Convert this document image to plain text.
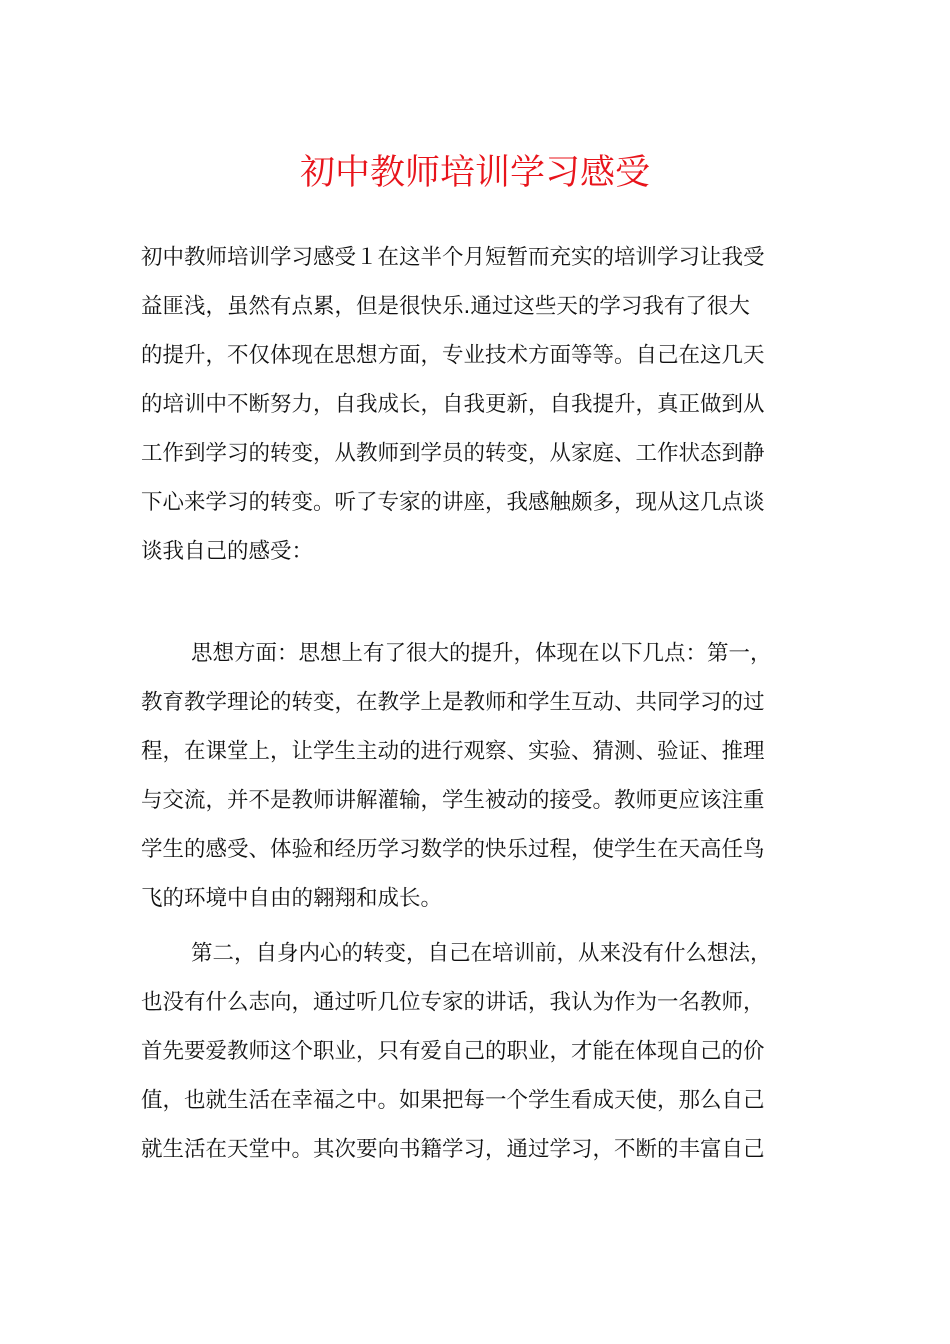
初中教师培训学习感受

初中教师培训学习感受１在这半个月短暂而充实的培训学习让我受

益匪浅，虽然有点累，但是很快乐.通过这些天的学习我有了很大

的提升，不仅体现在思想方面，专业技术方面等等。自己在这几天

的培训中不断努力，自我成长，自我更新，自我提升，真正做到从

工作到学习的转变，从教师到学员的转变，从家庭、工作状态到静

下心来学习的转变。听了专家的讲座，我感触颇多，现从这几点谈

谈我自己的感受：

思想方面：思想上有了很大的提升，体现在以下几点：第一，

教育教学理论的转变，在教学上是教师和学生互动、共同学习的过

程，在课堂上，让学生主动的进行观察、实验、猜测、验证、推理

与交流，并不是教师讲解灌输，学生被动的接受。教师更应该注重

学生的感受、体验和经历学习数学的快乐过程，使学生在天高任鸟

飞的环境中自由的翱翔和成长。

第二，自身内心的转变，自己在培训前，从来没有什么想法，

也没有什么志向，通过听几位专家的讲话，我认为作为一名教师，

首先要爱教师这个职业，只有爱自己的职业，才能在体现自己的价

值，也就生活在幸福之中。如果把每一个学生看成天使，那么自己

就生活在天堂中。其次要向书籍学习，通过学习，不断的丰富自己
